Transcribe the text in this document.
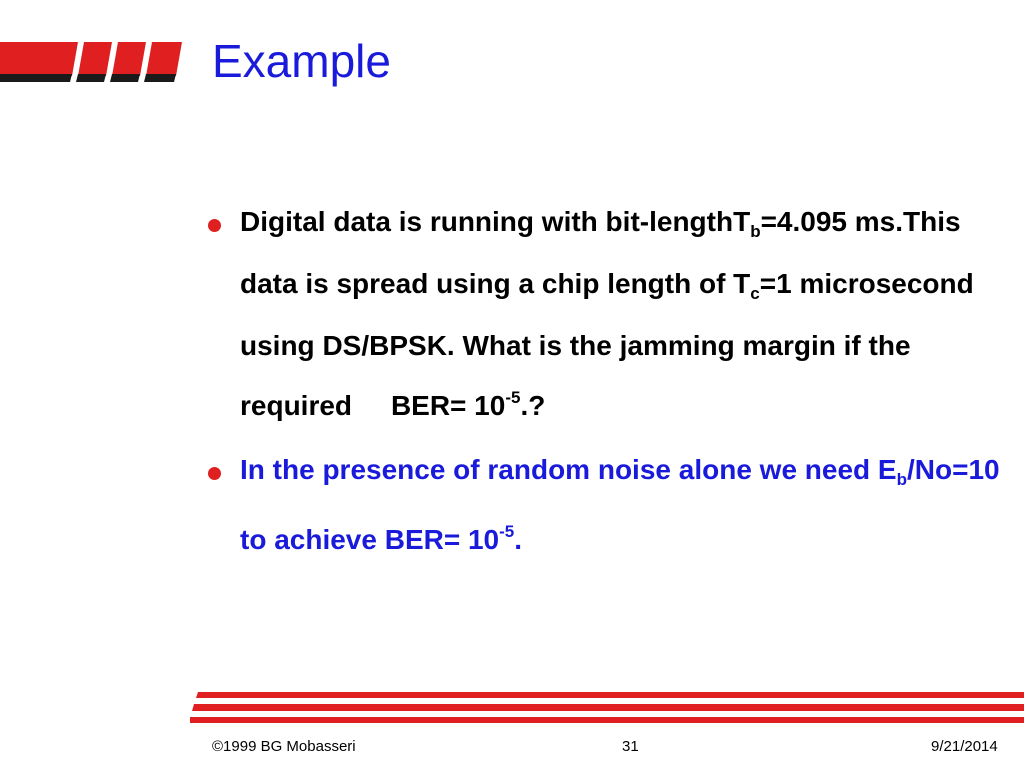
Example
Digital data is running with bit-lengthT$_b$=4.095 ms.This data is spread using a chip length of $T_c=1$ microsecond using DS/BPSK. What is the jamming margin if the required $BER= 10^{-5}$.?
In the presence of random noise alone we need $E_b/No=10$ to achieve $BER= 10^{-5}$.
©1999 BG Mobasseri	31	9/21/2014
